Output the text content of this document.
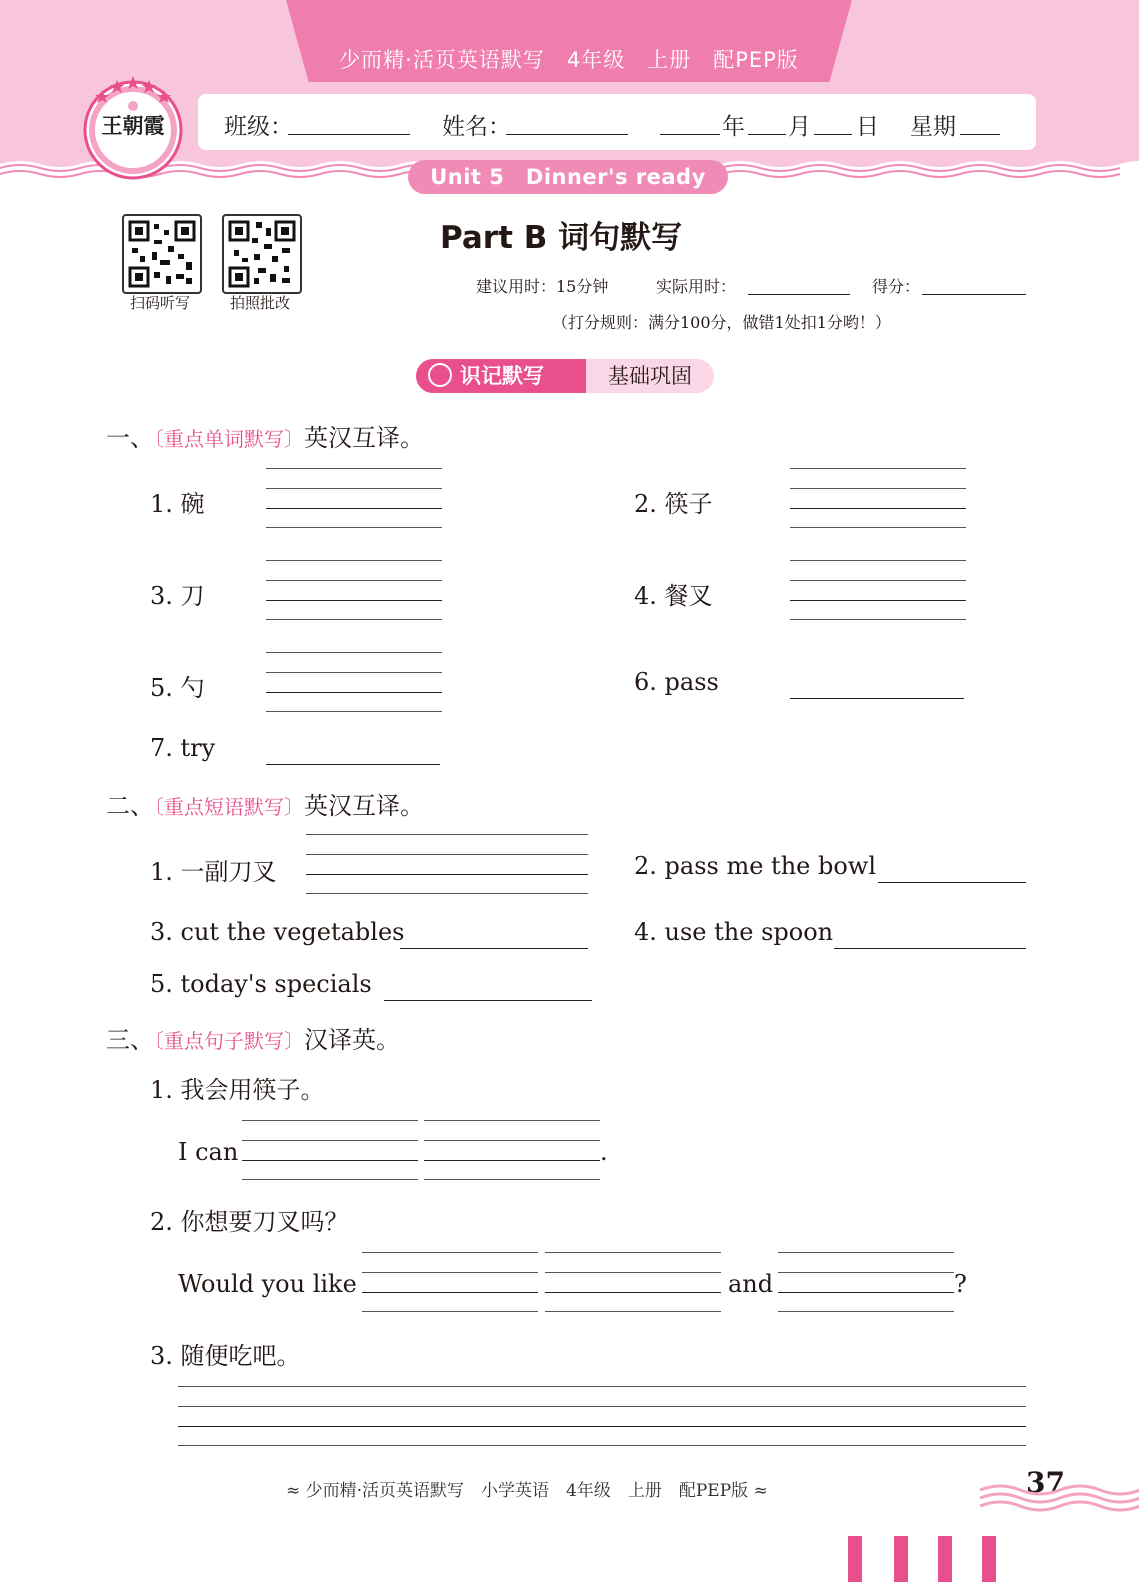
少而精·活页英语默写　4年级　上册　配PEP版
班级：	姓名：	年 月 日 星期
Unit 5　Dinner's ready
王朝霞
扫码听写	拍照批改
Part B 词句默写
建议用时：15分钟	实际用时：	得分：
（打分规则：满分100分，做错1处扣1分哟！）
识记默写	基础巩固
一、〔重点单词默写〕英汉互译。
1. 碗	2. 筷子
3. 刀	4. 餐叉
5. 勺	6. pass
7. try
二、〔重点短语默写〕英汉互译。
1. 一副刀叉	2. pass me the bowl
3. cut the vegetables	4. use the spoon
5. today's specials
三、〔重点句子默写〕汉译英。
1. 我会用筷子。
I can	.
2. 你想要刀叉吗？
Would you like	and	?
3. 随便吃吧。
≈ 少而精·活页英语默写　小学英语　4年级　上册　配PEP版 ≈	37
